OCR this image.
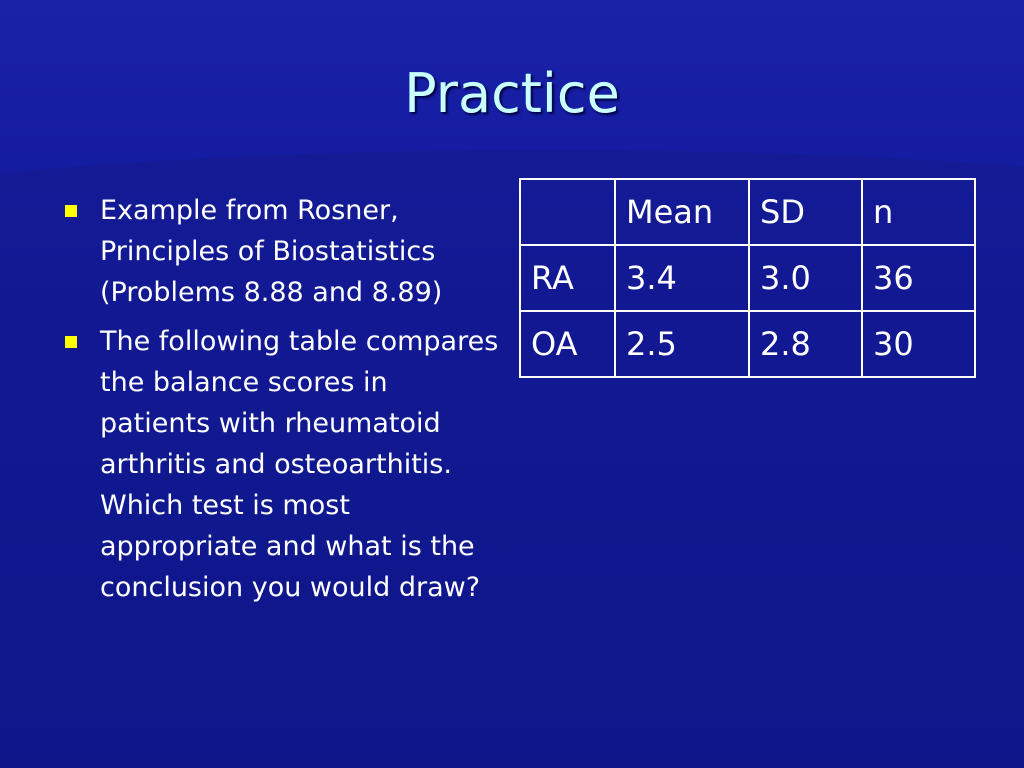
Practice
Example from Rosner, Principles of Biostatistics (Problems 8.88 and 8.89)
The following table compares the balance scores in patients with rheumatoid arthritis and osteoarthitis. Which test is most appropriate and what is the conclusion you would draw?
	Mean	SD	n
RA	3.4	3.0	36
OA	2.5	2.8	30
